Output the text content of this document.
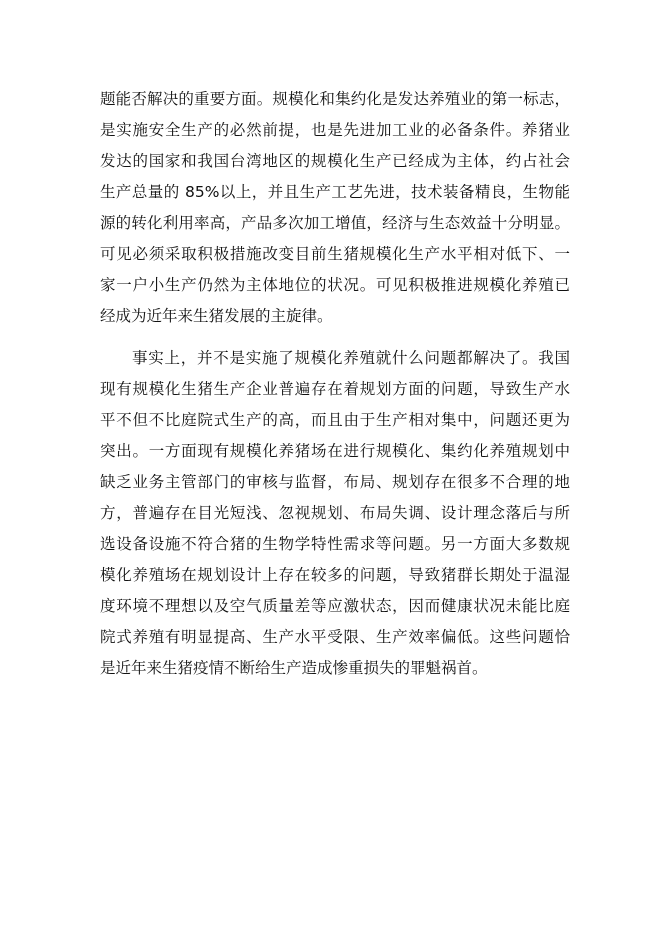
题能否解决的重要方面。规模化和集约化是发达养殖业的第一标志，
是实施安全生产的必然前提，也是先进加工业的必备条件。养猪业
发达的国家和我国台湾地区的规模化生产已经成为主体，约占社会
生产总量的 85%以上，并且生产工艺先进，技术装备精良，生物能
源的转化利用率高，产品多次加工增值，经济与生态效益十分明显。
可见必须采取积极措施改变目前生猪规模化生产水平相对低下、一
家一户小生产仍然为主体地位的状况。可见积极推进规模化养殖已
经成为近年来生猪发展的主旋律。
事实上，并不是实施了规模化养殖就什么问题都解决了。我国
现有规模化生猪生产企业普遍存在着规划方面的问题，导致生产水
平不但不比庭院式生产的高，而且由于生产相对集中，问题还更为
突出。一方面现有规模化养猪场在进行规模化、集约化养殖规划中
缺乏业务主管部门的审核与监督，布局、规划存在很多不合理的地
方，普遍存在目光短浅、忽视规划、布局失调、设计理念落后与所
选设备设施不符合猪的生物学特性需求等问题。另一方面大多数规
模化养殖场在规划设计上存在较多的问题，导致猪群长期处于温湿
度环境不理想以及空气质量差等应激状态，因而健康状况未能比庭
院式养殖有明显提高、生产水平受限、生产效率偏低。这些问题恰
是近年来生猪疫情不断给生产造成惨重损失的罪魁祸首。
